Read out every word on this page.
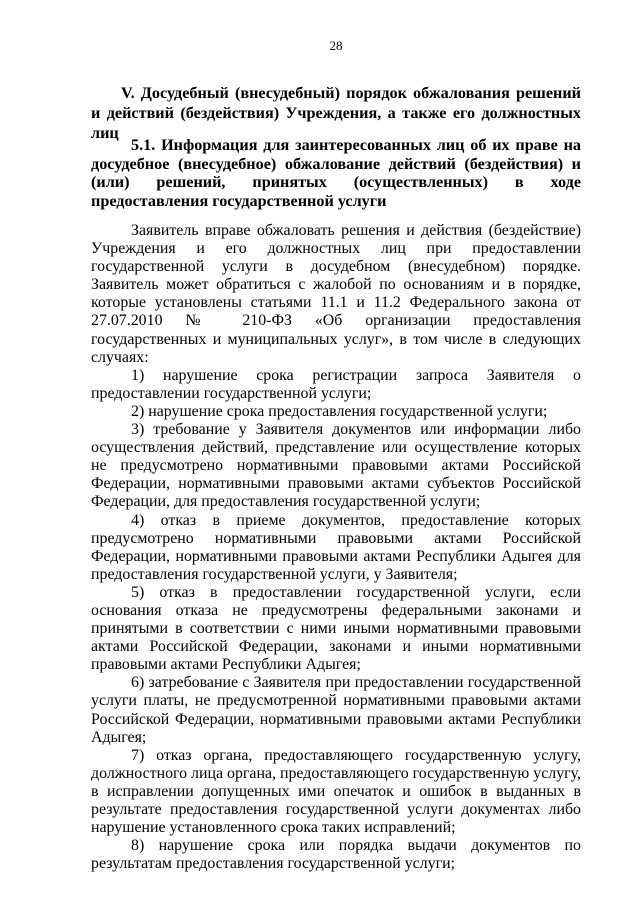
28
V. Досудебный (внесудебный) порядок обжалования решений и действий (бездействия) Учреждения, а также его должностных лиц
5.1. Информация для заинтересованных лиц об их праве на досудебное (внесудебное) обжалование действий (бездействия) и (или) решений, принятых (осуществленных) в ходе предоставления государственной услуги

Заявитель вправе обжаловать решения и действия (бездействие) Учреждения и его должностных лиц при предоставлении государственной услуги в досудебном (внесудебном) порядке. Заявитель может обратиться с жалобой по основаниям и в порядке, которые установлены статьями 11.1 и 11.2 Федерального закона от 27.07.2010 № 210-ФЗ «Об организации предоставления государственных и муниципальных услуг», в том числе в следующих случаях:

1) нарушение срока регистрации запроса Заявителя о предоставлении государственной услуги;

2) нарушение срока предоставления государственной услуги;

3) требование у Заявителя документов или информации либо осуществления действий, представление или осуществление которых не предусмотрено нормативными правовыми актами Российской Федерации, нормативными правовыми актами субъектов Российской Федерации, для предоставления государственной услуги;

4) отказ в приеме документов, предоставление которых предусмотрено нормативными правовыми актами Российской Федерации, нормативными правовыми актами Республики Адыгея для предоставления государственной услуги, у Заявителя;

5) отказ в предоставлении государственной услуги, если основания отказа не предусмотрены федеральными законами и принятыми в соответствии с ними иными нормативными правовыми актами Российской Федерации, законами и иными нормативными правовыми актами Республики Адыгея;

6) затребование с Заявителя при предоставлении государственной услуги платы, не предусмотренной нормативными правовыми актами Российской Федерации, нормативными правовыми актами Республики Адыгея;

7) отказ органа, предоставляющего государственную услугу, должностного лица органа, предоставляющего государственную услугу, в исправлении допущенных ими опечаток и ошибок в выданных в результате предоставления государственной услуги документах либо нарушение установленного срока таких исправлений;

8) нарушение срока или порядка выдачи документов по результатам предоставления государственной услуги;
